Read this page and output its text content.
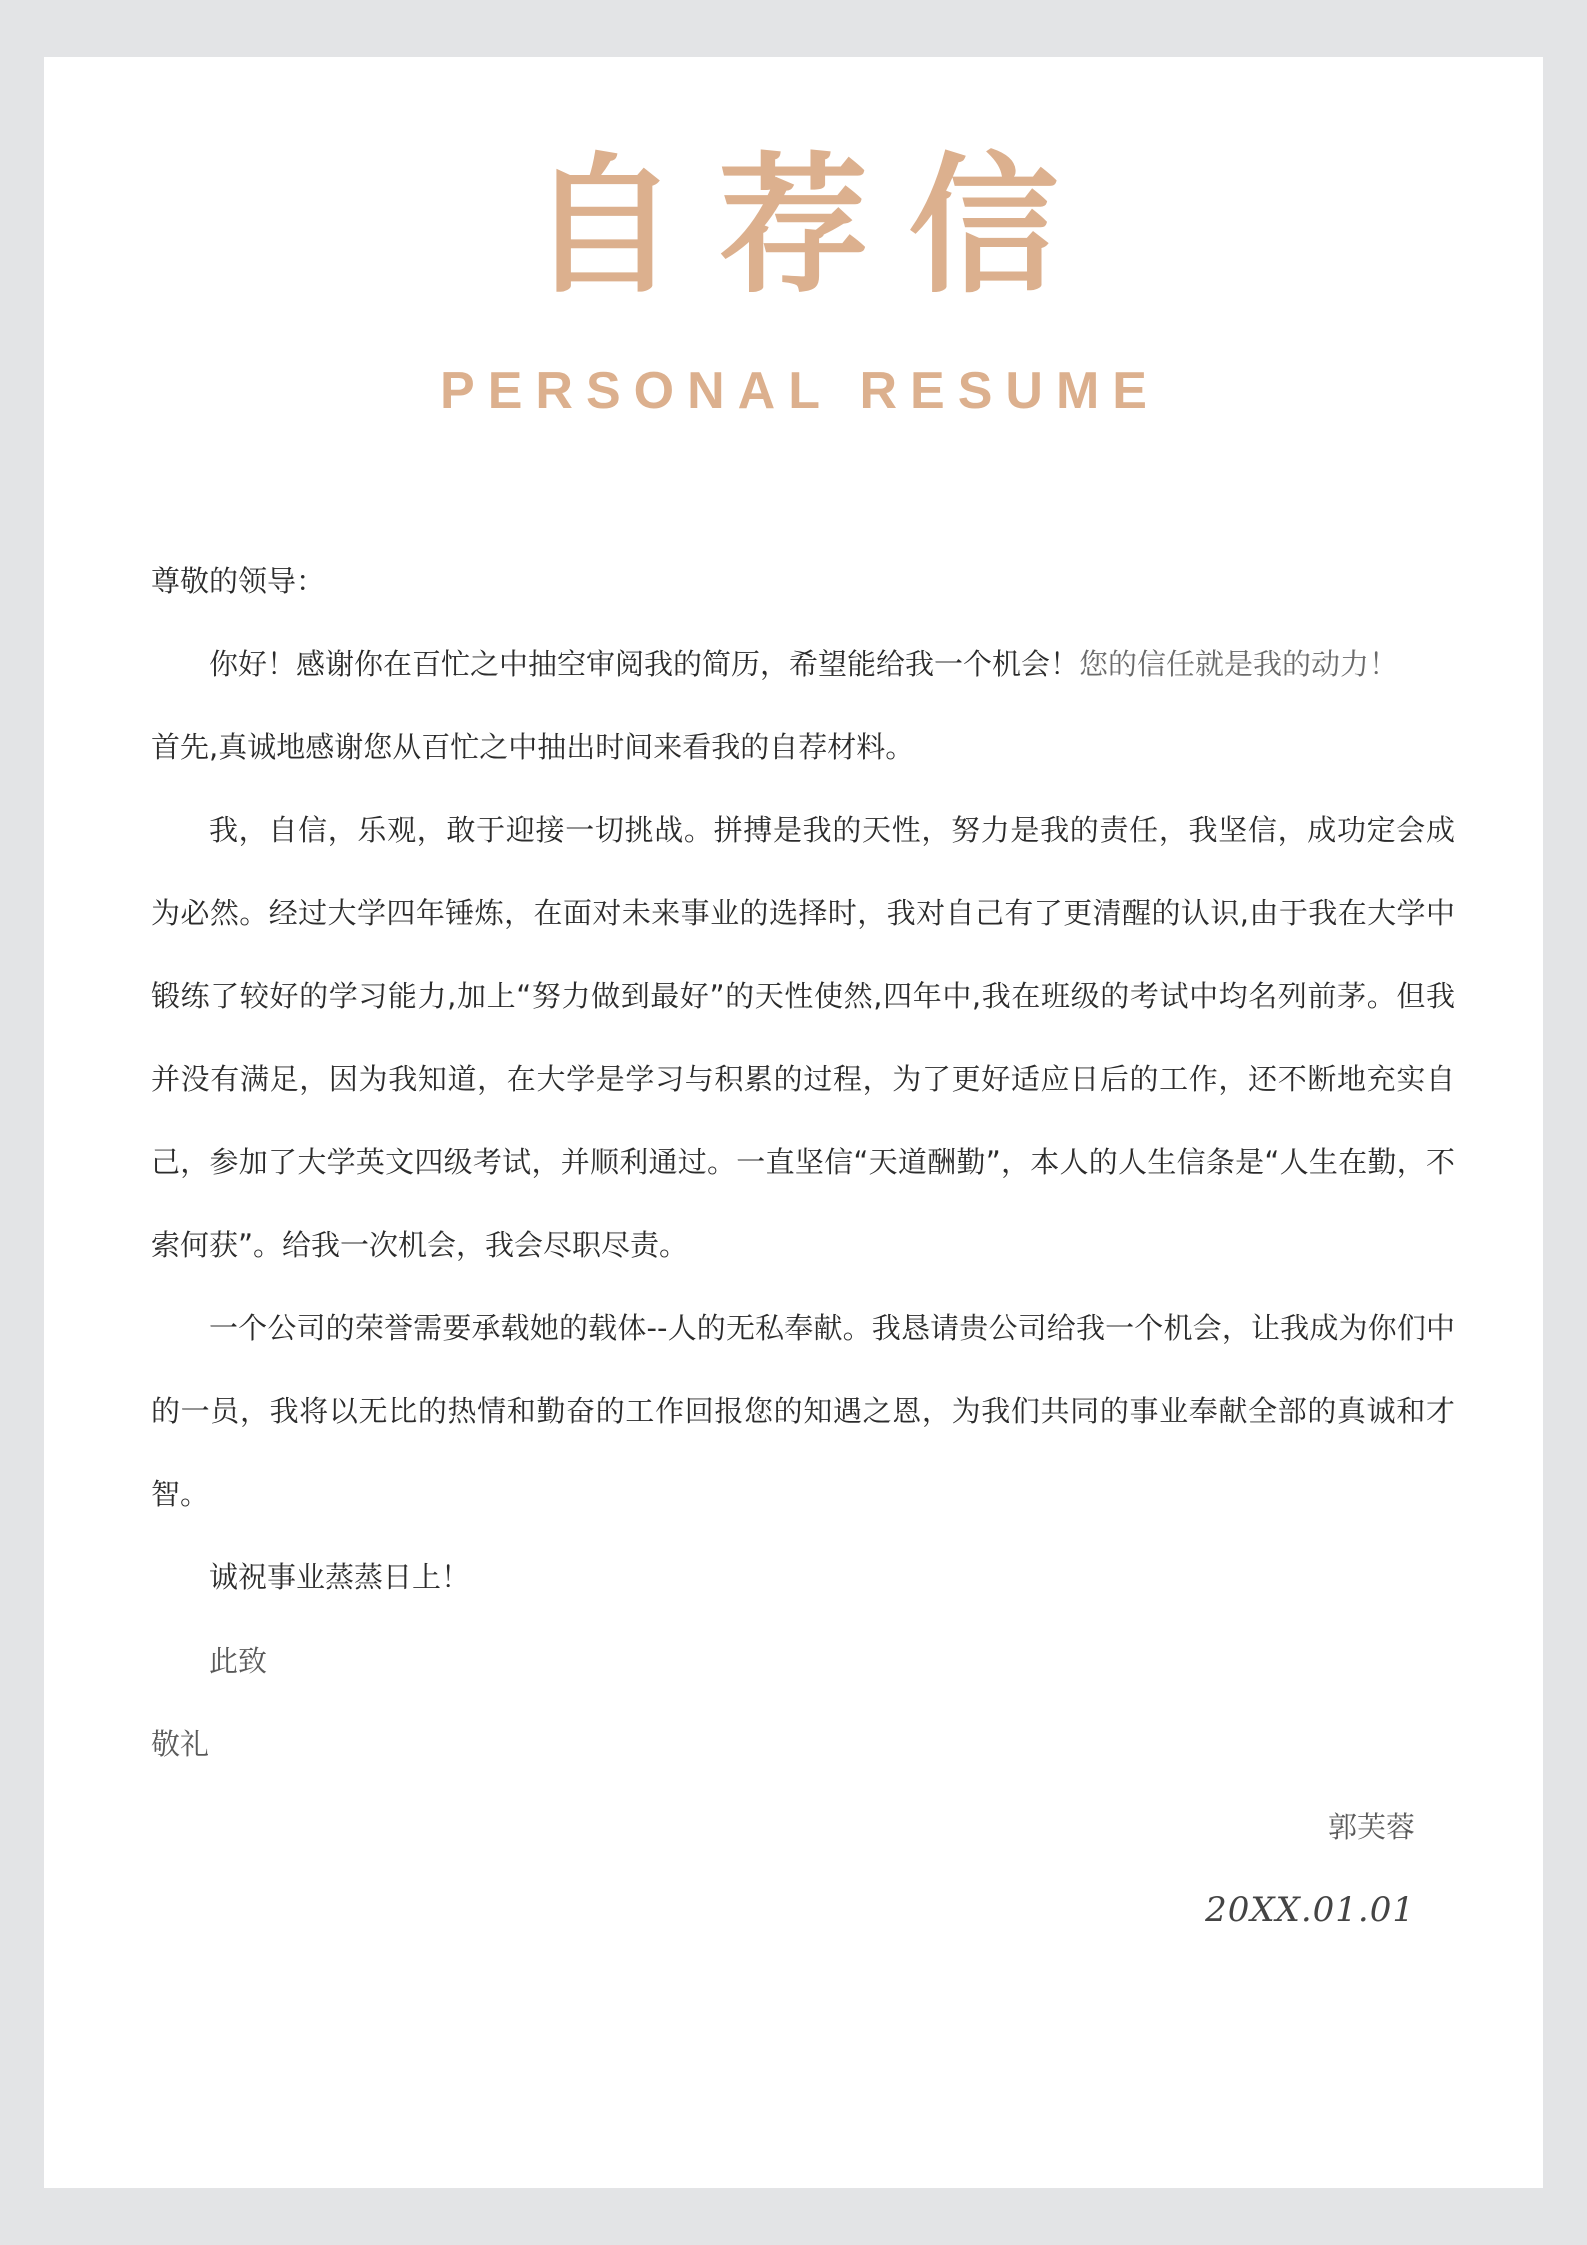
自荐信
PERSONAL RESUME
尊敬的领导：

你好！感谢你在百忙之中抽空审阅我的简历，希望能给我一个机会！您的信任就是我的动力！
首先,真诚地感谢您从百忙之中抽出时间来看我的自荐材料。

我，自信，乐观，敢于迎接一切挑战。拼搏是我的天性，努力是我的责任，我坚信，成功定会成为必然。经过大学四年锤炼，在面对未来事业的选择时，我对自己有了更清醒的认识,由于我在大学中锻练了较好的学习能力,加上“努力做到最好”的天性使然,四年中,我在班级的考试中均名列前茅。但我并没有满足，因为我知道，在大学是学习与积累的过程，为了更好适应日后的工作，还不断地充实自己，参加了大学英文四级考试，并顺利通过。一直坚信“天道酬勤”，本人的人生信条是“人生在勤，不索何获”。给我一次机会，我会尽职尽责。

一个公司的荣誉需要承载她的载体--人的无私奉献。我恳请贵公司给我一个机会，让我成为你们中的一员，我将以无比的热情和勤奋的工作回报您的知遇之恩，为我们共同的事业奉献全部的真诚和才智。

诚祝事业蒸蒸日上！

此致
敬礼
郭芙蓉
20XX.01.01
